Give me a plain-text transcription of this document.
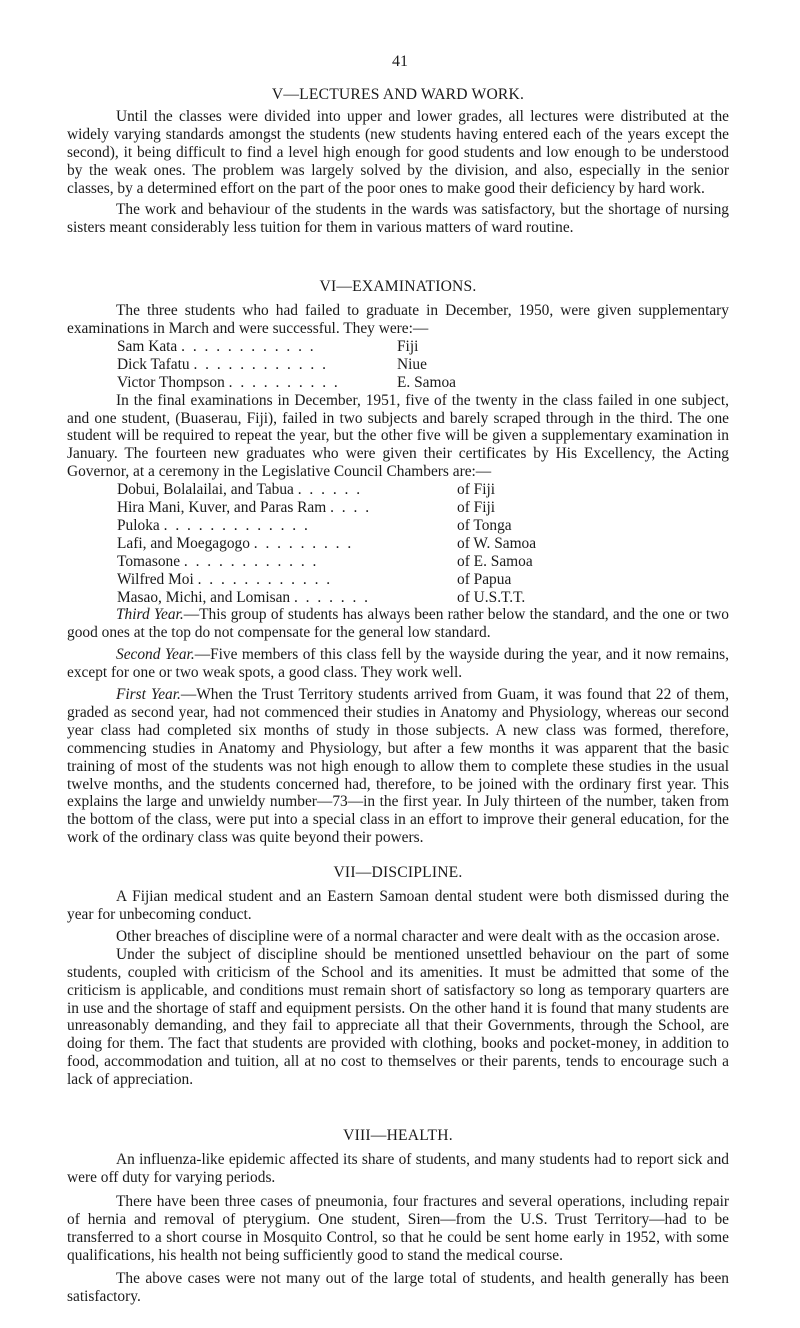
41
V—LECTURES AND WARD WORK.

Until the classes were divided into upper and lower grades, all lectures were distributed at the widely varying standards amongst the students (new students having entered each of the years except the second), it being difficult to find a level high enough for good students and low enough to be understood by the weak ones. The problem was largely solved by the division, and also, especially in the senior classes, by a determined effort on the part of the poor ones to make good their deficiency by hard work.

The work and behaviour of the students in the wards was satisfactory, but the shortage of nursing sisters meant considerably less tuition for them in various matters of ward routine.

VI—EXAMINATIONS.

The three students who had failed to graduate in December, 1950, were given supplementary examinations in March and were successful. They were:—

Sam Kata . . . . . . . . . . . .	Fiji
Dick Tafatu . . . . . . . . . . . .	Niue
Victor Thompson . . . . . . . . . .	E. Samoa

In the final examinations in December, 1951, five of the twenty in the class failed in one subject, and one student, (Buaserau, Fiji), failed in two subjects and barely scraped through in the third. The one student will be required to repeat the year, but the other five will be given a supplementary examination in January. The fourteen new graduates who were given their certificates by His Excellency, the Acting Governor, at a ceremony in the Legislative Council Chambers are:—

Dobui, Bolalailai, and Tabua . . . . . .	of Fiji
Hira Mani, Kuver, and Paras Ram . . . .	of Fiji
Puloka . . . . . . . . . . . . .	of Tonga
Lafi, and Moegagogo . . . . . . . . .	of W. Samoa
Tomasone . . . . . . . . . . . .	of E. Samoa
Wilfred Moi . . . . . . . . . . . .	of Papua
Masao, Michi, and Lomisan . . . . . . .	of U.S.T.T.

Third Year.—This group of students has always been rather below the standard, and the one or two good ones at the top do not compensate for the general low standard.

Second Year.—Five members of this class fell by the wayside during the year, and it now remains, except for one or two weak spots, a good class. They work well.

First Year.—When the Trust Territory students arrived from Guam, it was found that 22 of them, graded as second year, had not commenced their studies in Anatomy and Physiology, whereas our second year class had completed six months of study in those subjects. A new class was formed, therefore, commencing studies in Anatomy and Physiology, but after a few months it was apparent that the basic training of most of the students was not high enough to allow them to complete these studies in the usual twelve months, and the students concerned had, therefore, to be joined with the ordinary first year. This explains the large and unwieldy number—73—in the first year. In July thirteen of the number, taken from the bottom of the class, were put into a special class in an effort to improve their general education, for the work of the ordinary class was quite beyond their powers.

VII—DISCIPLINE.

A Fijian medical student and an Eastern Samoan dental student were both dismissed during the year for unbecoming conduct.

Other breaches of discipline were of a normal character and were dealt with as the occasion arose.

Under the subject of discipline should be mentioned unsettled behaviour on the part of some students, coupled with criticism of the School and its amenities. It must be admitted that some of the criticism is applicable, and conditions must remain short of satisfactory so long as temporary quarters are in use and the shortage of staff and equipment persists. On the other hand it is found that many students are unreasonably demanding, and they fail to appreciate all that their Governments, through the School, are doing for them. The fact that students are provided with clothing, books and pocket-money, in addition to food, accommodation and tuition, all at no cost to themselves or their parents, tends to encourage such a lack of appreciation.

VIII—HEALTH.

An influenza-like epidemic affected its share of students, and many students had to report sick and were off duty for varying periods.

There have been three cases of pneumonia, four fractures and several operations, including repair of hernia and removal of pterygium. One student, Siren—from the U.S. Trust Territory—had to be transferred to a short course in Mosquito Control, so that he could be sent home early in 1952, with some qualifications, his health not being sufficiently good to stand the medical course.

The above cases were not many out of the large total of students, and health generally has been satisfactory.
